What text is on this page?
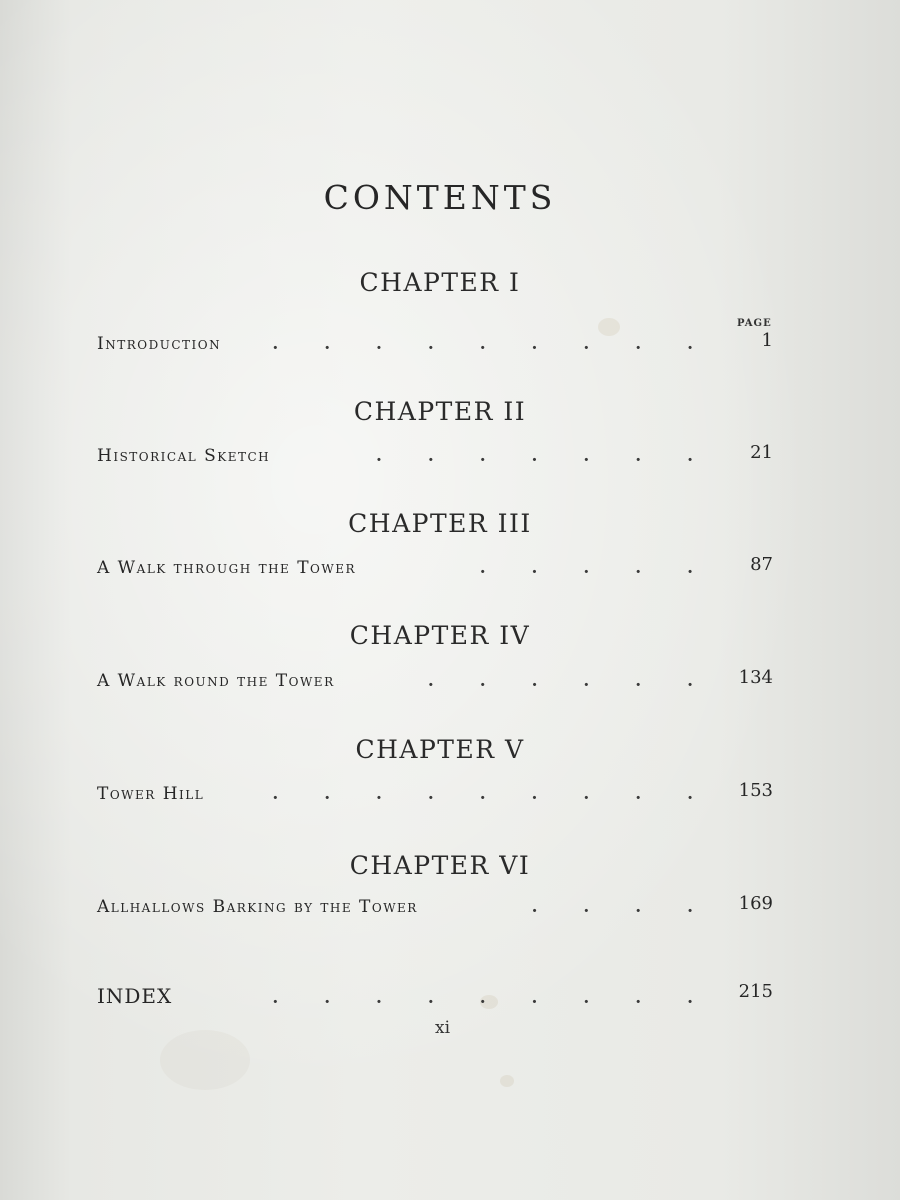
CONTENTS
PAGE
CHAPTER I
Introduction	. . . . . . . . .	1
CHAPTER II
Historical Sketch	. . . . . . . 21
CHAPTER III
A Walk through the Tower	. . . . . 87
CHAPTER IV
A Walk round the Tower	. . . . . . 134
CHAPTER V
Tower Hill	. . . . . . . . . 153
CHAPTER VI
Allhallows Barking by the Tower	. . . . 169
INDEX	. . . . . . . . . 215
xi
